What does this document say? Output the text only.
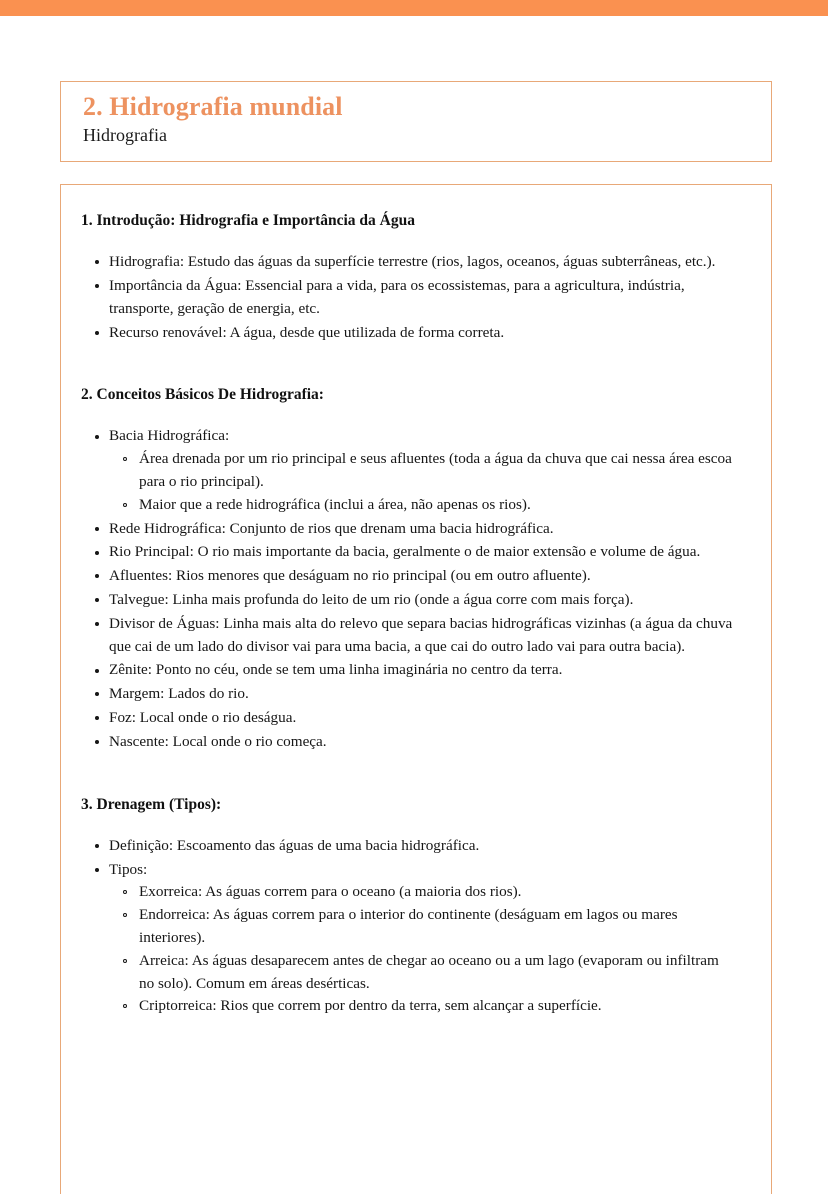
2. Hidrografia mundial
Hidrografia
1. Introdução: Hidrografia e Importância da Água
Hidrografia: Estudo das águas da superfície terrestre (rios, lagos, oceanos, águas subterrâneas, etc.).
Importância da Água: Essencial para a vida, para os ecossistemas, para a agricultura, indústria, transporte, geração de energia, etc.
Recurso renovável: A água, desde que utilizada de forma correta.
2. Conceitos Básicos De Hidrografia:
Bacia Hidrográfica:
Área drenada por um rio principal e seus afluentes (toda a água da chuva que cai nessa área escoa para o rio principal).
Maior que a rede hidrográfica (inclui a área, não apenas os rios).
Rede Hidrográfica: Conjunto de rios que drenam uma bacia hidrográfica.
Rio Principal: O rio mais importante da bacia, geralmente o de maior extensão e volume de água.
Afluentes: Rios menores que deságuam no rio principal (ou em outro afluente).
Talvegue: Linha mais profunda do leito de um rio (onde a água corre com mais força).
Divisor de Águas: Linha mais alta do relevo que separa bacias hidrográficas vizinhas (a água da chuva que cai de um lado do divisor vai para uma bacia, a que cai do outro lado vai para outra bacia).
Zênite: Ponto no céu, onde se tem uma linha imaginária no centro da terra.
Margem: Lados do rio.
Foz: Local onde o rio deságua.
Nascente: Local onde o rio começa.
3. Drenagem (Tipos):
Definição: Escoamento das águas de uma bacia hidrográfica.
Tipos:
Exorreica: As águas correm para o oceano (a maioria dos rios).
Endorreica: As águas correm para o interior do continente (deságuam em lagos ou mares interiores).
Arreica: As águas desaparecem antes de chegar ao oceano ou a um lago (evaporam ou infiltram no solo). Comum em áreas desérticas.
Criptorreica: Rios que correm por dentro da terra, sem alcançar a superfície.
